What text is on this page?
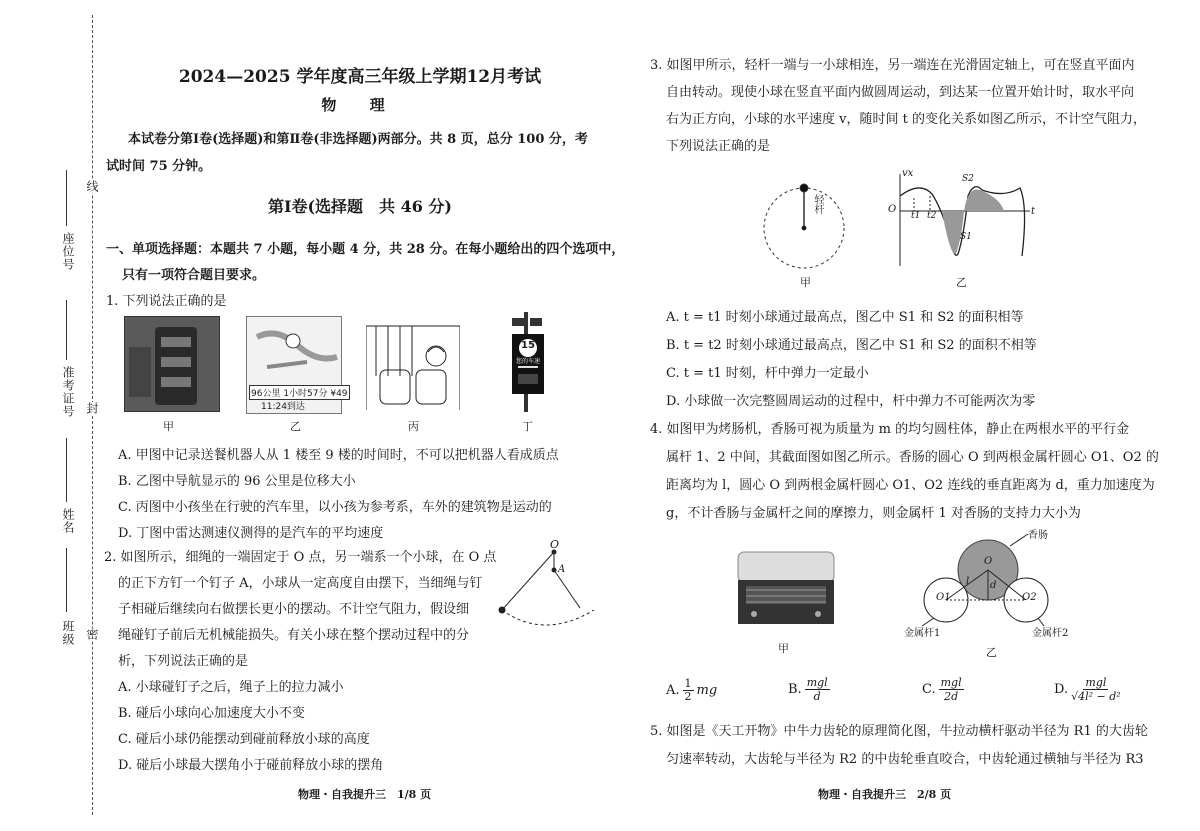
座位号
准考证号
姓名
班级
线
封
密
2024—2025 学年度高三年级上学期12月考试
物 理
本试卷分第Ⅰ卷(选择题)和第Ⅱ卷(非选择题)两部分。共 8 页，总分 100 分，考
试时间 75 分钟。
第Ⅰ卷(选择题　共 46 分)
一、单项选择题：本题共 7 小题，每小题 4 分，共 28 分。在每小题给出的四个选项中，
只有一项符合题目要求。
1. 下列说法正确的是
96公里 1小时57分 ¥49
11:24到达
15
您的车速
甲	乙	丙	丁
A. 甲图中记录送餐机器人从 1 楼至 9 楼的时间时，不可以把机器人看成质点
B. 乙图中导航显示的 96 公里是位移大小
C. 丙图中小孩坐在行驶的汽车里，以小孩为参考系，车外的建筑物是运动的
D. 丁图中雷达测速仪测得的是汽车的平均速度
2. 如图所示，细绳的一端固定于 O 点，另一端系一个小球，在 O 点
的正下方钉一个钉子 A，小球从一定高度自由摆下，当细绳与钉
子相碰后继续向右做摆长更小的摆动。不计空气阻力，假设细
绳碰钉子前后无机械能损失。有关小球在整个摆动过程中的分
析，下列说法正确的是
O
A
A. 小球碰钉子之后，绳子上的拉力减小
B. 碰后小球向心加速度大小不变
C. 碰后小球仍能摆动到碰前释放小球的高度
D. 碰后小球最大摆角小于碰前释放小球的摆角
物理・自我提升三　1/8 页
3. 如图甲所示，轻杆一端与一小球相连，另一端连在光滑固定轴上，可在竖直平面内
自由转动。现使小球在竖直平面内做圆周运动，到达某一位置开始计时，取水平向
右为正方向，小球的水平速度 v，随时间 t 的变化关系如图乙所示，不计空气阻力，
下列说法正确的是
轻杆
甲
vx
O
t1 t2	t
S2
S1
乙
A. t = t1 时刻小球通过最高点，图乙中 S1 和 S2 的面积相等
B. t = t2 时刻小球通过最高点，图乙中 S1 和 S2 的面积不相等
C. t = t1 时刻，杆中弹力一定最小
D. 小球做一次完整圆周运动的过程中，杆中弹力不可能两次为零
4. 如图甲为烤肠机，香肠可视为质量为 m 的均匀圆柱体，静止在两根水平的平行金
属杆 1、2 中间，其截面图如图乙所示。香肠的圆心 O 到两根金属杆圆心 O1、O2 的
距离均为 l，圆心 O 到两根金属杆圆心 O1、O2 连线的垂直距离为 d，重力加速度为
g，不计香肠与金属杆之间的摩擦力，则金属杆 1 对香肠的支持力大小为
甲
香肠
O
O1	O2
l d
金属杆1	金属杆2
乙
A. $\frac{1}{2}$ mg	B. mgl
d	C. mgl
2d	D. mgl
√4l² − d²
5. 如图是《天工开物》中牛力齿轮的原理简化图，牛拉动横杆驱动半径为 R1 的大齿轮
匀速率转动，大齿轮与半径为 R2 的中齿轮垂直咬合，中齿轮通过横轴与半径为 R3
物理・自我提升三　2/8 页
